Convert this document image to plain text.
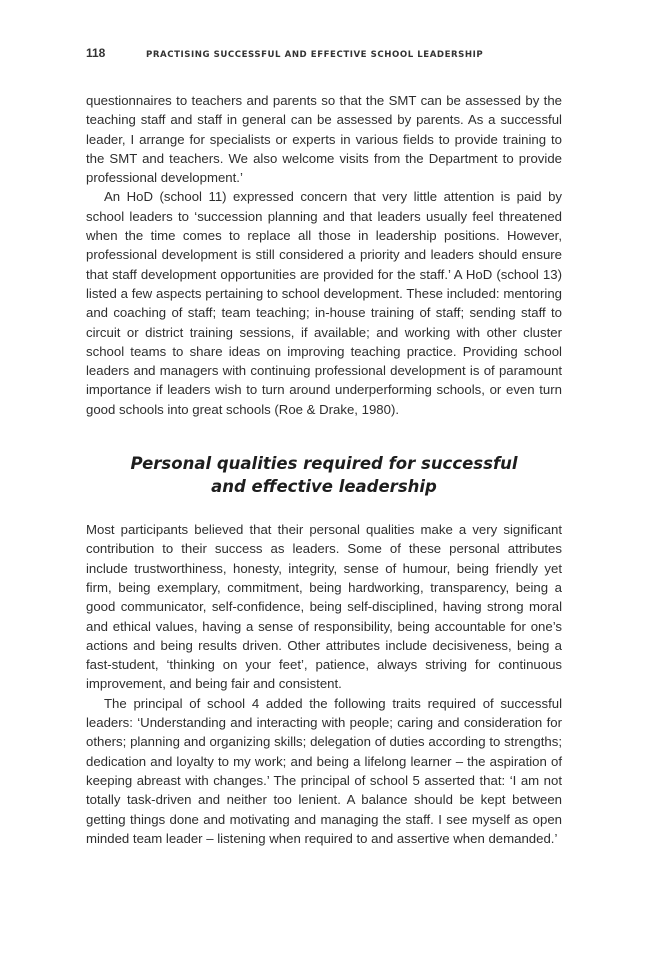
118	PRACTISING SUCCESSFUL AND EFFECTIVE SCHOOL LEADERSHIP

questionnaires to teachers and parents so that the SMT can be assessed by the teaching staff and staff in general can be assessed by parents. As a successful leader, I arrange for specialists or experts in various fields to provide training to the SMT and teachers. We also welcome visits from the Department to provide professional development.’

An HoD (school 11) expressed concern that very little attention is paid by school leaders to ‘succession planning and that leaders usually feel threatened when the time comes to replace all those in leadership positions. However, professional development is still considered a priority and leaders should ensure that staff development opportunities are provided for the staff.’ A HoD (school 13) listed a few aspects pertaining to school development. These included: mentoring and coaching of staff; team teaching; in-house training of staff; sending staff to circuit or district training sessions, if available; and working with other cluster school teams to share ideas on improving teaching practice. Providing school leaders and managers with continuing professional development is of paramount importance if leaders wish to turn around underperforming schools, or even turn good schools into great schools (Roe & Drake, 1980).

Personal qualities required for successful
and effective leadership

Most participants believed that their personal qualities make a very significant contribution to their success as leaders. Some of these personal attributes include trustworthiness, honesty, integrity, sense of humour, being friendly yet firm, being exemplary, commitment, being hardworking, transparency, being a good communicator, self-confidence, being self-disciplined, having strong moral and ethical values, having a sense of responsibility, being accountable for one’s actions and being results driven. Other attributes include decisiveness, being a fast-student, ‘thinking on your feet’, patience, always striving for continuous improvement, and being fair and consistent.

The principal of school 4 added the following traits required of successful leaders: ‘Understanding and interacting with people; caring and consideration for others; planning and organizing skills; delegation of duties according to strengths; dedication and loyalty to my work; and being a lifelong learner – the aspiration of keeping abreast with changes.’ The principal of school 5 asserted that: ‘I am not totally task-driven and neither too lenient. A balance should be kept between getting things done and motivating and managing the staff. I see myself as open minded team leader – listening when required to and assertive when demanded.’
